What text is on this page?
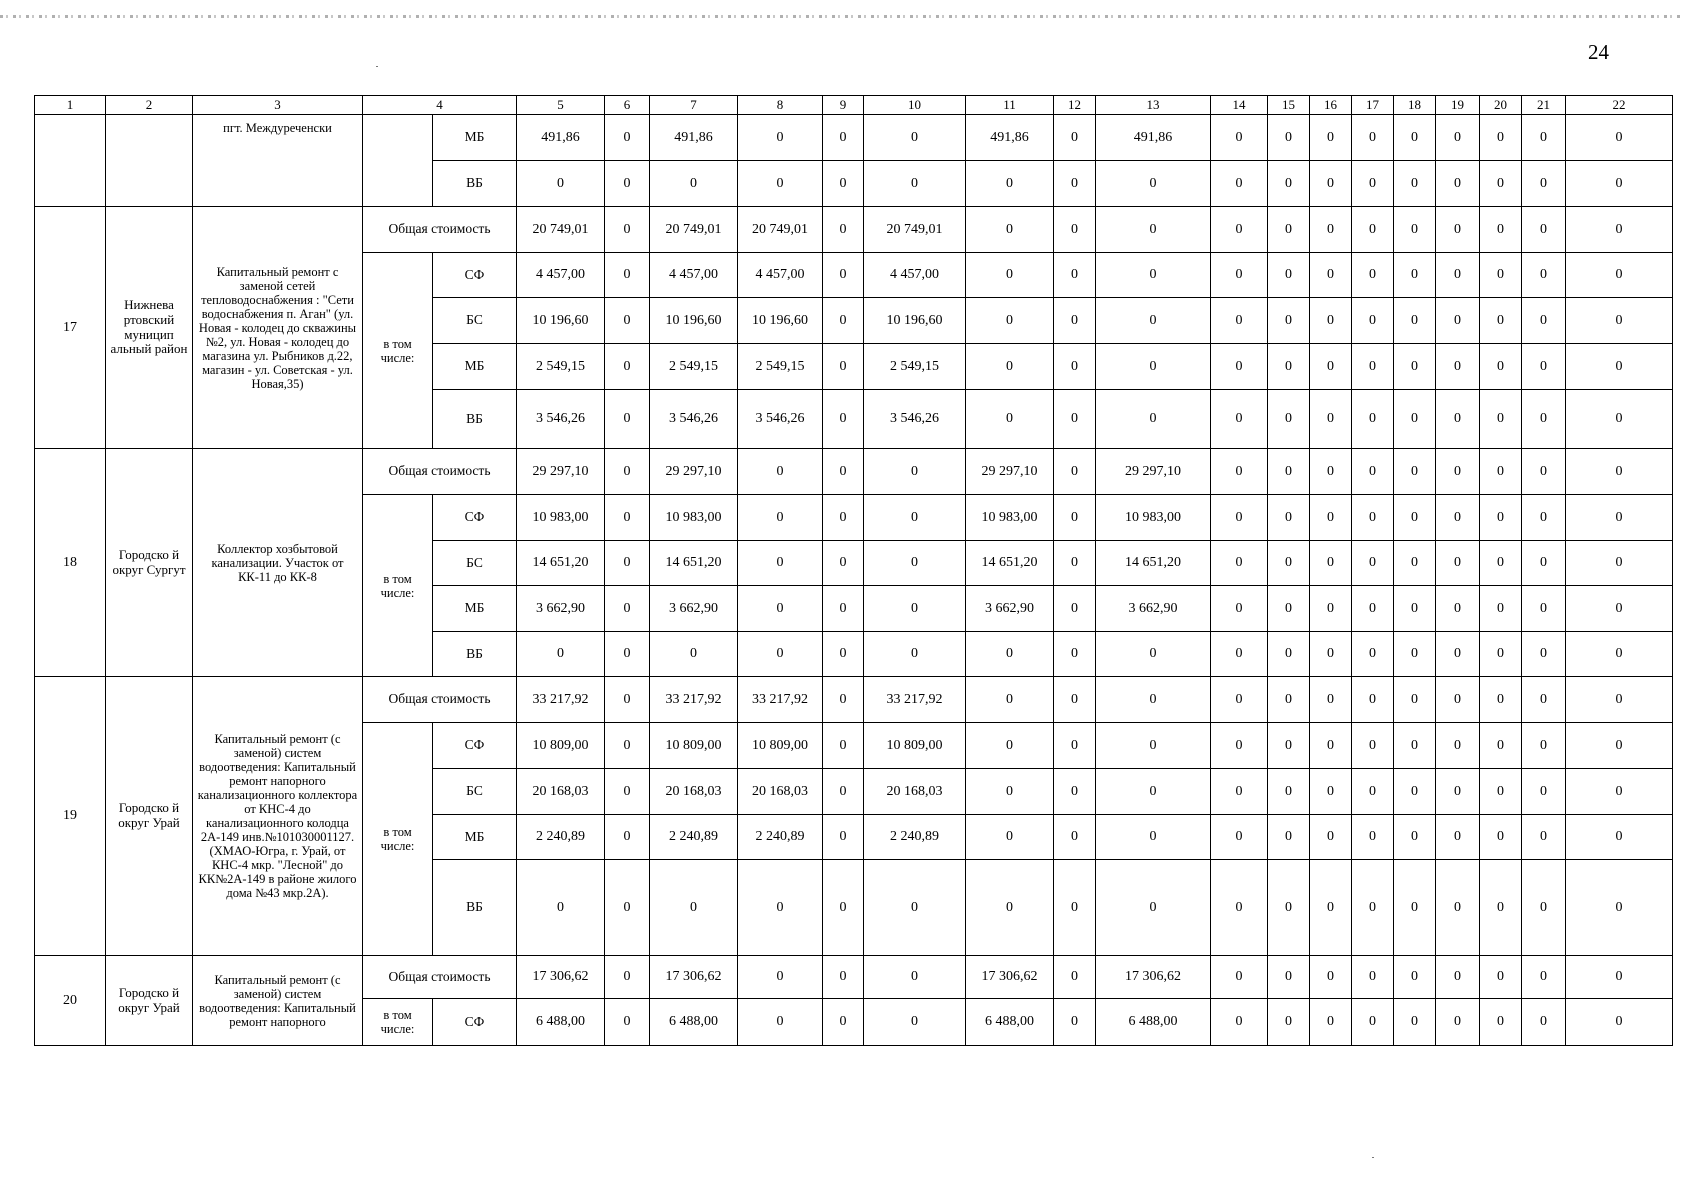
24
1	2	3	4		5	6	7	8	9	10	11	12	13	14	15	16	17	18	19	20	21	22
		пгт. Междуреченски		МБ	491,86	0	491,86	0	0	0	491,86	0	491,86	0	0	0	0	0	0	0	0	0
				ВБ	0	0	0	0	0	0	0	0	0	0	0	0	0	0	0	0	0	0
17	Нижнева ртовский муницип альный район	Капитальный ремонт с заменой сетей тепловодоснабжения : "Сети водоснабжения п. Аган" (ул. Новая - колодец до скважины №2, ул. Новая - колодец до магазина ул. Рыбников д.22, магазин - ул. Советская - ул. Новая,35)	Общая стоимость		20 749,01	0	20 749,01	20 749,01	0	20 749,01	0	0	0	0	0	0	0	0	0	0	0	0
			в том числе:	СФ	4 457,00	0	4 457,00	4 457,00	0	4 457,00	0	0	0	0	0	0	0	0	0	0	0	0
				БС	10 196,60	0	10 196,60	10 196,60	0	10 196,60	0	0	0	0	0	0	0	0	0	0	0	0
				МБ	2 549,15	0	2 549,15	2 549,15	0	2 549,15	0	0	0	0	0	0	0	0	0	0	0	0
				ВБ	3 546,26	0	3 546,26	3 546,26	0	3 546,26	0	0	0	0	0	0	0	0	0	0	0	0
18	Городско й округ Сургут	Коллектор хозбытовой канализации. Участок от КК-11 до КК-8	Общая стоимость		29 297,10	0	29 297,10	0	0	0	29 297,10	0	29 297,10	0	0	0	0	0	0	0	0	0
			в том числе:	СФ	10 983,00	0	10 983,00	0	0	0	10 983,00	0	10 983,00	0	0	0	0	0	0	0	0	0
				БС	14 651,20	0	14 651,20	0	0	0	14 651,20	0	14 651,20	0	0	0	0	0	0	0	0	0
				МБ	3 662,90	0	3 662,90	0	0	0	3 662,90	0	3 662,90	0	0	0	0	0	0	0	0	0
				ВБ	0	0	0	0	0	0	0	0	0	0	0	0	0	0	0	0	0	0
19	Городско й округ Урай	Капитальный ремонт (с заменой) систем водоотведения: Капитальный ремонт напорного канализационного коллектора от КНС-4 до канализационного колодца 2А-149 инв.№101030001127. (ХМАО-Югра, г. Урай, от КНС-4 мкр. "Лесной" до КК№2А-149 в районе жилого дома №43 мкр.2А).	Общая стоимость		33 217,92	0	33 217,92	33 217,92	0	33 217,92	0	0	0	0	0	0	0	0	0	0	0	0
			в том числе:	СФ	10 809,00	0	10 809,00	10 809,00	0	10 809,00	0	0	0	0	0	0	0	0	0	0	0	0
				БС	20 168,03	0	20 168,03	20 168,03	0	20 168,03	0	0	0	0	0	0	0	0	0	0	0	0
				МБ	2 240,89	0	2 240,89	2 240,89	0	2 240,89	0	0	0	0	0	0	0	0	0	0	0	0
				ВБ	0	0	0	0	0	0	0	0	0	0	0	0	0	0	0	0	0	0
20	Городско й округ Урай	Капитальный ремонт (с заменой) систем водоотведения: Капитальный ремонт напорного	Общая стоимость		17 306,62	0	17 306,62	0	0	0	17 306,62	0	17 306,62	0	0	0	0	0	0	0	0	0
			в том числе:	СФ	6 488,00	0	6 488,00	0	0	0	6 488,00	0	6 488,00	0	0	0	0	0	0	0	0	0
